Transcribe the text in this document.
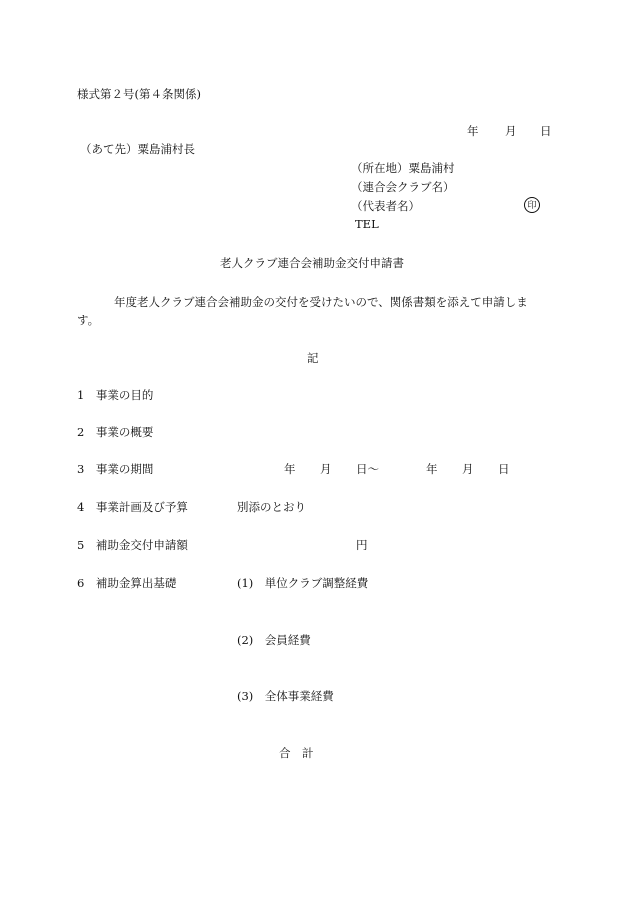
様式第２号(第４条関係)
年 月 日
（あて先）粟島浦村長
（所在地）粟島浦村
（連合会クラブ名）
（代表者名）	印
TEL
老人クラブ連合会補助金交付申請書
年度老人クラブ連合会補助金の交付を受けたいので、関係書類を添えて申請しま
す。
記
1　事業の目的
2　事業の概要
3　事業の期間	年 月 日〜	年 月 日
4　事業計画及び予算	別添のとおり
5　補助金交付申請額	円
6　補助金算出基礎	(1)　単位クラブ調整経費
(2)　会員経費
(3)　全体事業経費
合　計
